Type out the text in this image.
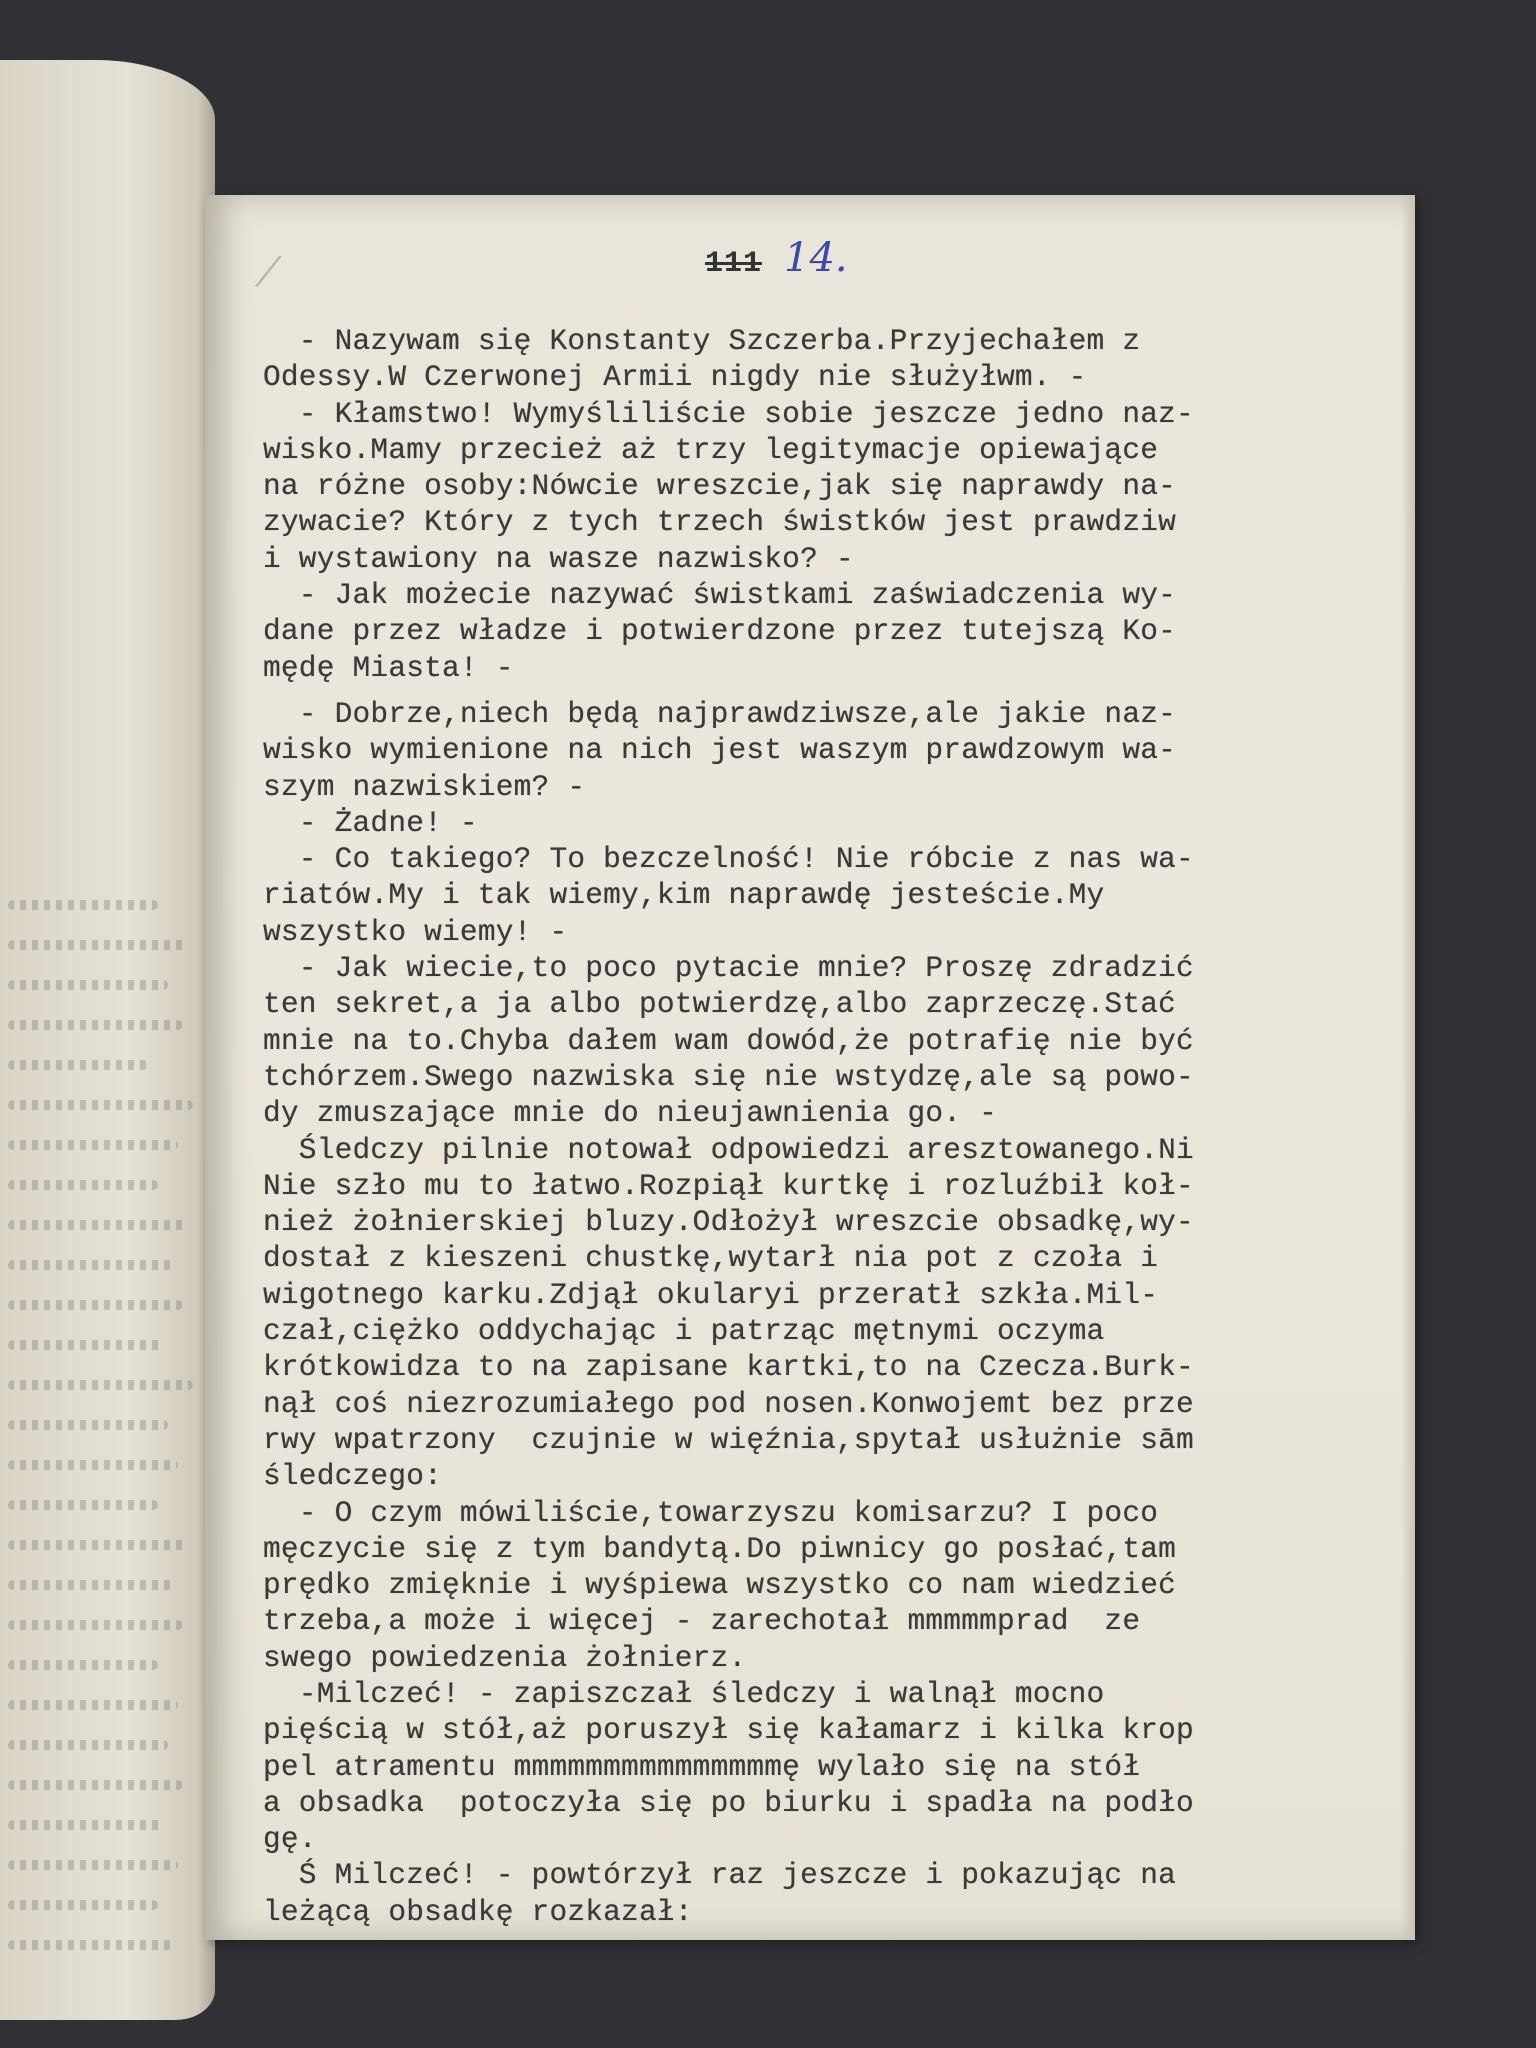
⁄	111 14.
- Nazywam się Konstanty Szczerba.Przyjechałem z
Odessy.W Czerwonej Armii nigdy nie służyłwm. -
- Kłamstwo! Wymyśliliście sobie jeszcze jedno naz-
wisko.Mamy przecież aż trzy legitymacje opiewające
na różne osoby:Nówcie wreszcie,jak się naprawdy na-
zywacie? Który z tych trzech świstków jest prawdziw
i wystawiony na wasze nazwisko? -
- Jak możecie nazywać świstkami zaświadczenia wy-
dane przez władze i potwierdzone przez tutejszą Ko-
mędę Miasta! -
- Dobrze,niech będą najprawdziwsze,ale jakie naz-
wisko wymienione na nich jest waszym prawdzowym wa-
szym nazwiskiem? -
- Żadne! -
- Co takiego? To bezczelność! Nie róbcie z nas wa-
riatów.My i tak wiemy,kim naprawdę jesteście.My
wszystko wiemy! -
- Jak wiecie,to poco pytacie mnie? Proszę zdradzić
ten sekret,a ja albo potwierdzę,albo zaprzeczę.Stać
mnie na to.Chyba dałem wam dowód,że potrafię nie być
tchórzem.Swego nazwiska się nie wstydzę,ale są powo-
dy zmuszające mnie do nieujawnienia go. -
Śledczy pilnie notował odpowiedzi aresztowanego.Ni
Nie szło mu to łatwo.Rozpiął kurtkę i rozluźbił koł-
nież żołnierskiej bluzy.Odłożył wreszcie obsadkę,wy-
dostał z kieszeni chustkę,wytarł nia pot z czoła i
wigotnego karku.Zdjął okularyi przeratł szkła.Mil-
czał,ciężko oddychając i patrząc mętnymi oczyma
krótkowidza to na zapisane kartki,to na Czecza.Burk-
nął coś niezrozumiałego pod nosen.Konwojemt bez prze
rwy wpatrzony  czujnie w więźnia,spytał usłużnie sām
śledczego:
- O czym mówiliście,towarzyszu komisarzu? I poco
męczycie się z tym bandytą.Do piwnicy go posłać,tam
prędko zmięknie i wyśpiewa wszystko co nam wiedzieć
trzeba,a może i więcej - zarechotał mmmmmprad  ze
swego powiedzenia żołnierz.
-Milczeć! - zapiszczał śledczy i walnął mocno
pięścią w stół,aż poruszył się kałamarz i kilka krop
pel atramentu mmmmmmmmmmmmmmmę wylało się na stół
a obsadka  potoczyła się po biurku i spadła na podło
gę.
Ś Milczeć! - powtórzył raz jeszcze i pokazując na
leżącą obsadkę rozkazał:
